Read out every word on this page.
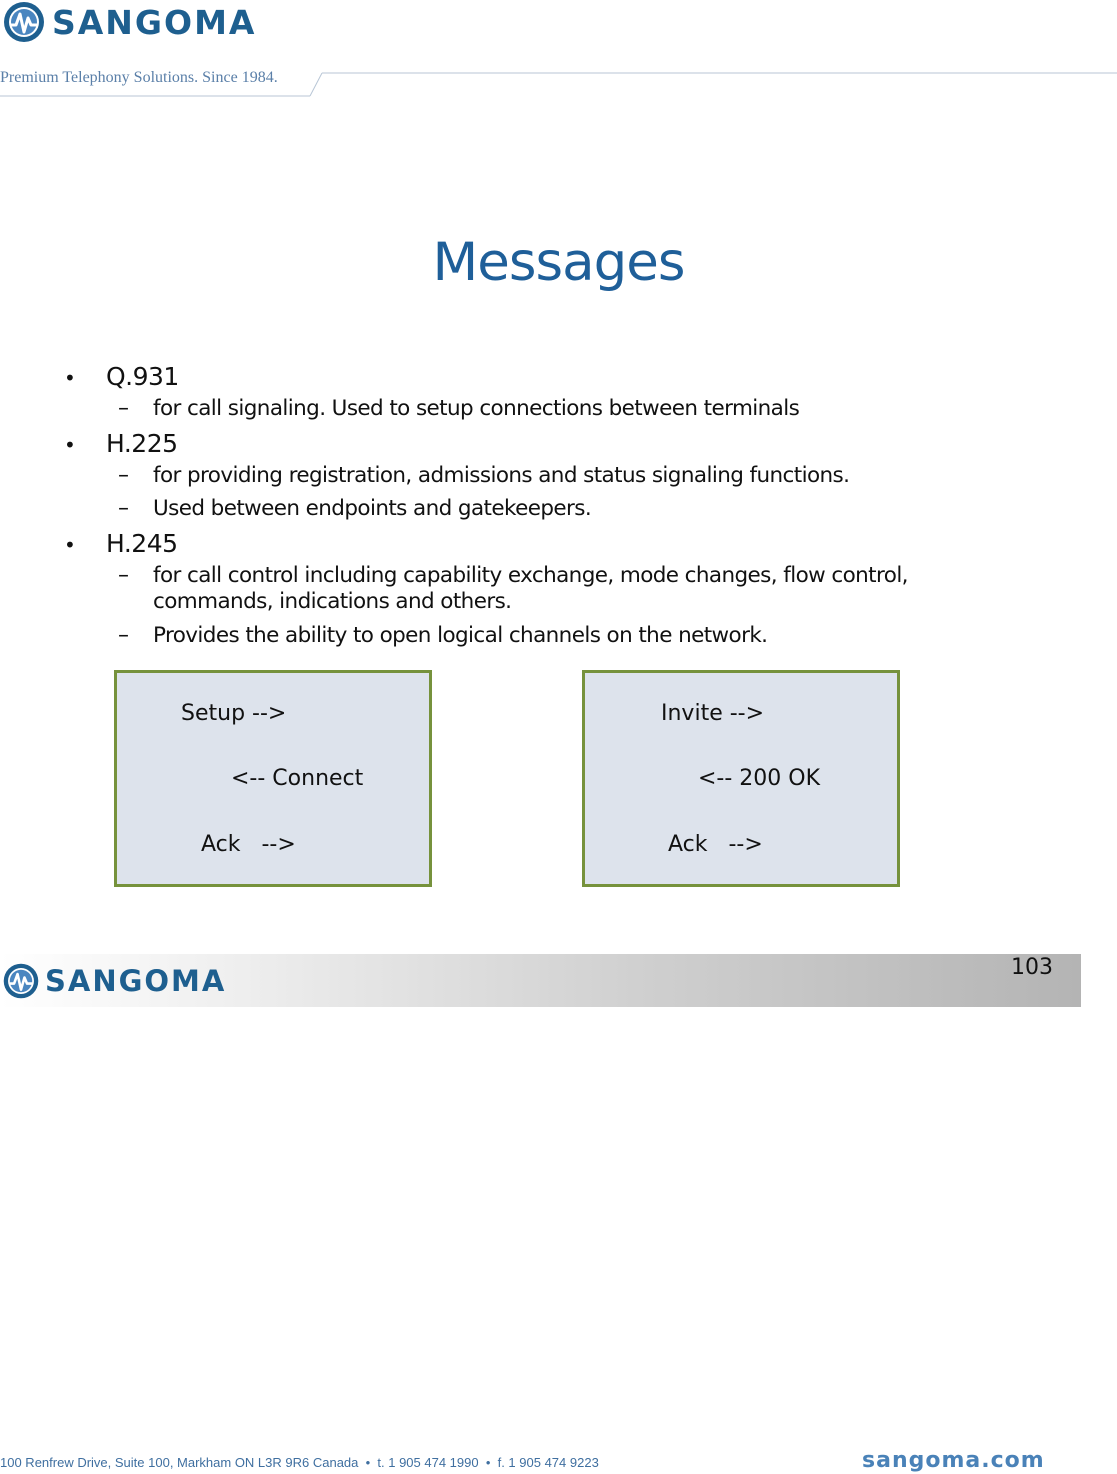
SANGOMA
Premium Telephony Solutions. Since 1984.
Messages
• Q.931
– for call signaling. Used to setup connections between terminals
• H.225
– for providing registration, admissions and status signaling functions.
– Used between endpoints and gatekeepers.
• H.245
– for call control including capability exchange, mode changes, flow control, commands, indications and others.
– Provides the ability to open logical channels on the network.
Setup -->
<-- Connect
Ack   -->
Invite -->
<-- 200 OK
Ack   -->
SANGOMA	103
100 Renfrew Drive, Suite 100, Markham ON L3R 9R6 Canada  •  t. 1 905 474 1990  •  f. 1 905 474 9223	sangoma.com
